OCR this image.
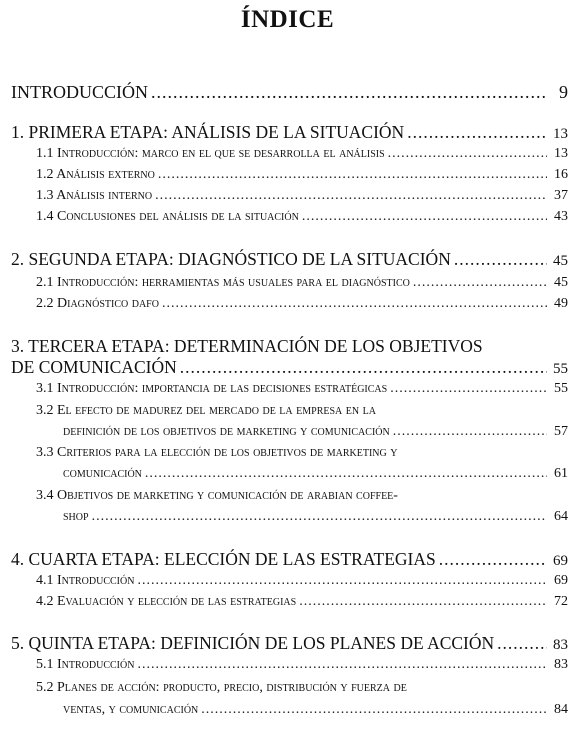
ÍNDICE
INTRODUCCIÓN .....	9
1. PRIMERA ETAPA: ANÁLISIS DE LA SITUACIÓN .....	13
1.1 Introducción: marco en el que se desarrolla el análisis .....	13
1.2 Análisis externo .....	16
1.3 Análisis interno .....	37
1.4 Conclusiones del análisis de la situación .....	43
2. SEGUNDA ETAPA: DIAGNÓSTICO DE LA SITUACIÓN .....	45
2.1 Introducción: herramientas más usuales para el diagnóstico .....	45
2.2 Diagnóstico dafo .....	49
3. TERCERA ETAPA: DETERMINACIÓN DE LOS OBJETIVOS
DE COMUNICACIÓN .....	55
3.1 Introducción: importancia de las decisiones estratégicas .....	55
3.2 El efecto de madurez del mercado de la empresa en la
definición de los objetivos de marketing y comunicación .....	57
3.3 Criterios para la elección de los objetivos de marketing y
comunicación .....	61
3.4 Objetivos de marketing y comunicación de arabian coffee-
shop .....	64
4. CUARTA ETAPA: ELECCIÓN DE LAS ESTRATEGIAS .....	69
4.1 Introducción .....	69
4.2 Evaluación y elección de las estrategias .....	72
5. QUINTA ETAPA: DEFINICIÓN DE LOS PLANES DE ACCIÓN .....	83
5.1 Introducción .....	83
5.2 Planes de acción: producto, precio, distribución y fuerza de
ventas, y comunicación .....	84
